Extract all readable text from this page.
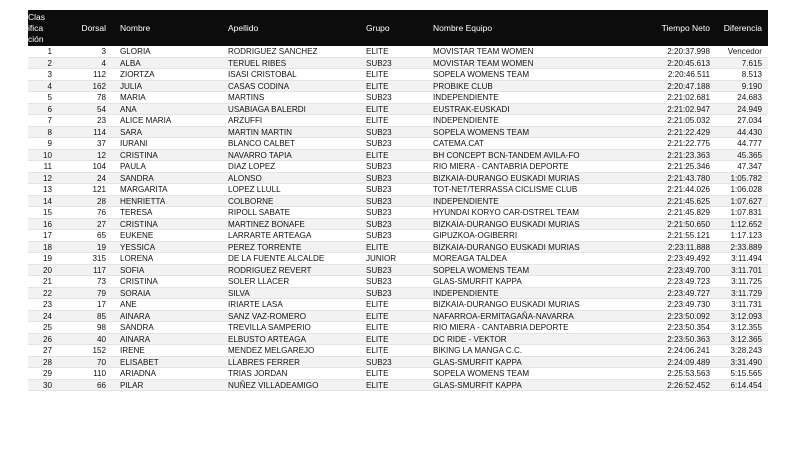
Clas
ifica
ción
Dorsal Nombre	Apellido	Grupo	Nombre Equipo	Tiempo Neto	Diferencia
1	3 GLORIA	RODRIGUEZ SANCHEZ	ELITE	MOVISTAR TEAM WOMEN	2:20:37.998	Vencedor
2	4 ALBA	TERUEL RIBES	SUB23	MOVISTAR TEAM WOMEN	2:20:45.613	7.615
3	112 ZIORTZA	ISASI CRISTOBAL	ELITE	SOPELA WOMENS TEAM	2:20:46.511	8.513
4	162 JULIA	CASAS CODINA	ELITE	PROBIKE CLUB	2:20:47.188	9.190
5	78 MARIA	MARTINS	SUB23	INDEPENDIENTE	2:21:02.681	24.683
6	54 ANA	USABIAGA BALERDI	ELITE	EUSTRAK-EUSKADI	2:21:02.947	24.949
7	23 ALICE MARIA	ARZUFFI	ELITE	INDEPENDIENTE	2:21:05.032	27.034
8	114 SARA	MARTIN MARTIN	SUB23	SOPELA WOMENS TEAM	2:21:22.429	44.430
9	37 IURANI	BLANCO CALBET	SUB23	CATEMA.CAT	2:21:22.775	44.777
10	12 CRISTINA	NAVARRO TAPIA	ELITE	BH CONCEPT BCN-TANDEM AVILA-FO	2:21:23.363	45.365
11	104 PAULA	DIAZ LOPEZ	SUB23	RIO MIERA - CANTABRIA DEPORTE	2:21:25.346	47.347
12	24 SANDRA	ALONSO	SUB23	BIZKAIA-DURANGO EUSKADI MURIAS	2:21:43.780	1:05.782
13	121 MARGARITA	LOPEZ LLULL	SUB23	TOT-NET/TERRASSA CICLISME CLUB	2:21:44.026	1:06.028
14	28 HENRIETTA	COLBORNE	SUB23	INDEPENDIENTE	2:21:45.625	1:07.627
15	76 TERESA	RIPOLL SABATE	SUB23	HYUNDAI KORYO CAR-DSTREL TEAM	2:21:45.829	1:07.831
16	27 CRISTINA	MARTINEZ BONAFE	SUB23	BIZKAIA-DURANGO EUSKADI MURIAS	2:21:50.650	1:12.652
17	65 EUKENE	LARRARTE ARTEAGA	SUB23	GIPUZKOA-OGIBERRI	2:21:55.121	1:17.123
18	19 YESSICA	PEREZ TORRENTE	ELITE	BIZKAIA-DURANGO EUSKADI MURIAS	2:23:11.888	2:33.889
19	315 LORENA	DE LA FUENTE ALCALDE	JUNIOR	MOREAGA TALDEA	2:23:49.492	3:11.494
20	117 SOFIA	RODRIGUEZ REVERT	SUB23	SOPELA WOMENS TEAM	2:23:49.700	3:11.701
21	73 CRISTINA	SOLER LLACER	SUB23	GLAS-SMURFIT KAPPA	2:23:49.723	3:11.725
22	79 SORAIA	SILVA	SUB23	INDEPENDIENTE	2:23:49.727	3:11.729
23	17 ANE	IRIARTE LASA	ELITE	BIZKAIA-DURANGO EUSKADI MURIAS	2:23:49.730	3:11.731
24	85 AINARA	SANZ VAZ-ROMERO	ELITE	NAFARROA-ERMITAGAÑA-NAVARRA	2:23:50.092	3:12.093
25	98 SANDRA	TREVILLA SAMPERIO	ELITE	RIO MIERA - CANTABRIA DEPORTE	2:23:50.354	3:12.355
26	40 AINARA	ELBUSTO ARTEAGA	ELITE	DC RIDE - VEKTOR	2:23:50.363	3:12.365
27	152 IRENE	MENDEZ MELGAREJO	ELITE	BIKING LA MANGA C.C.	2:24:06.241	3:28.243
28	70 ELISABET	LLABRES FERRER	SUB23	GLAS-SMURFIT KAPPA	2:24:09.489	3:31.490
29	110 ARIADNA	TRIAS JORDAN	ELITE	SOPELA WOMENS TEAM	2:25:53.563	5:15.565
30	66 PILAR	NUÑEZ VILLADEAMIGO	ELITE	GLAS-SMURFIT KAPPA	2:26:52.452	6:14.454
